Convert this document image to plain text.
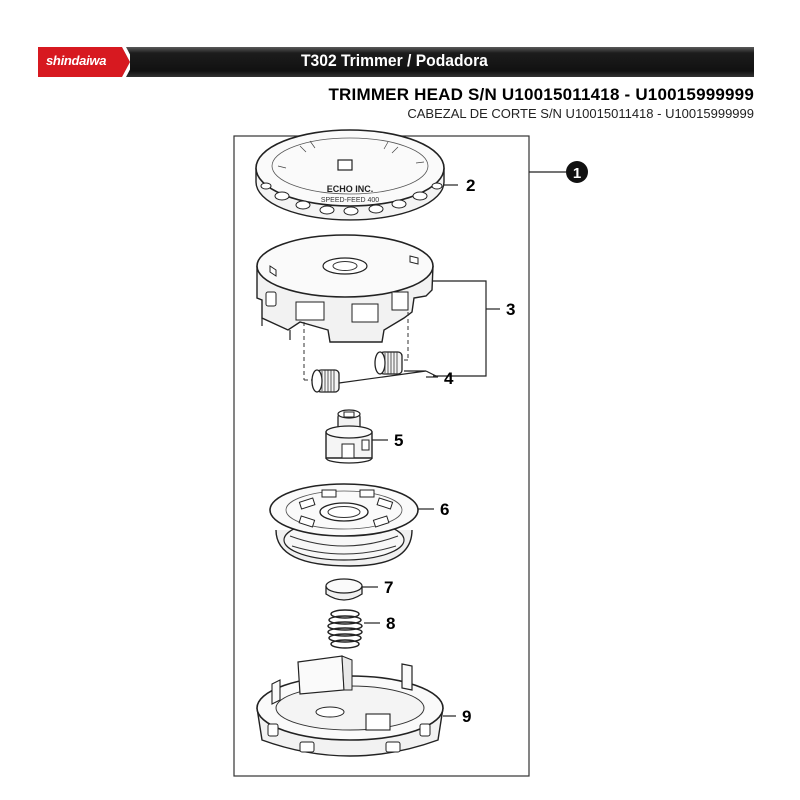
shindaiwa	T302 Trimmer / Podadora
TRIMMER HEAD S/N U10015011418 - U10015999999
CABEZAL DE CORTE S/N U10015011418 - U10015999999
1
ECHO INC.
SPEED-FEED 400
2
3
4
5
6
7
8
9
